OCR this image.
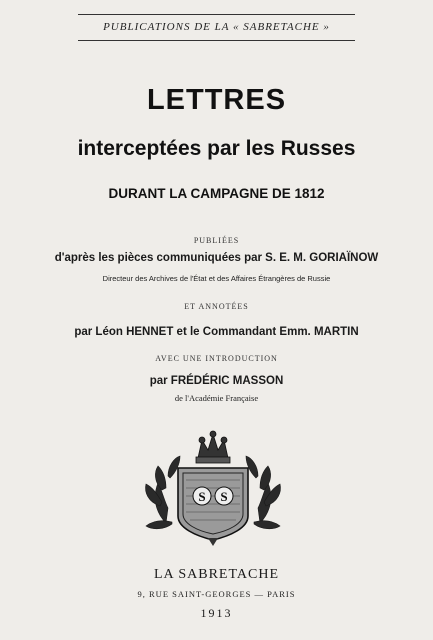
PUBLICATIONS DE LA « SABRETACHE »
LETTRES
interceptées par les Russes
DURANT LA CAMPAGNE DE 1812
PUBLIÉES
d'après les pièces communiquées par S. E. M. GORIAÏNOW
Directeur des Archives de l'État et des Affaires Étrangères de Russie
ET ANNOTÉES
par Léon HENNET et le Commandant Emm. MARTIN
AVEC UNE INTRODUCTION
par FRÉDÉRIC MASSON
de l'Académie Française
S S
LA SABRETACHE
9, RUE SAINT-GEORGES — PARIS
1913
